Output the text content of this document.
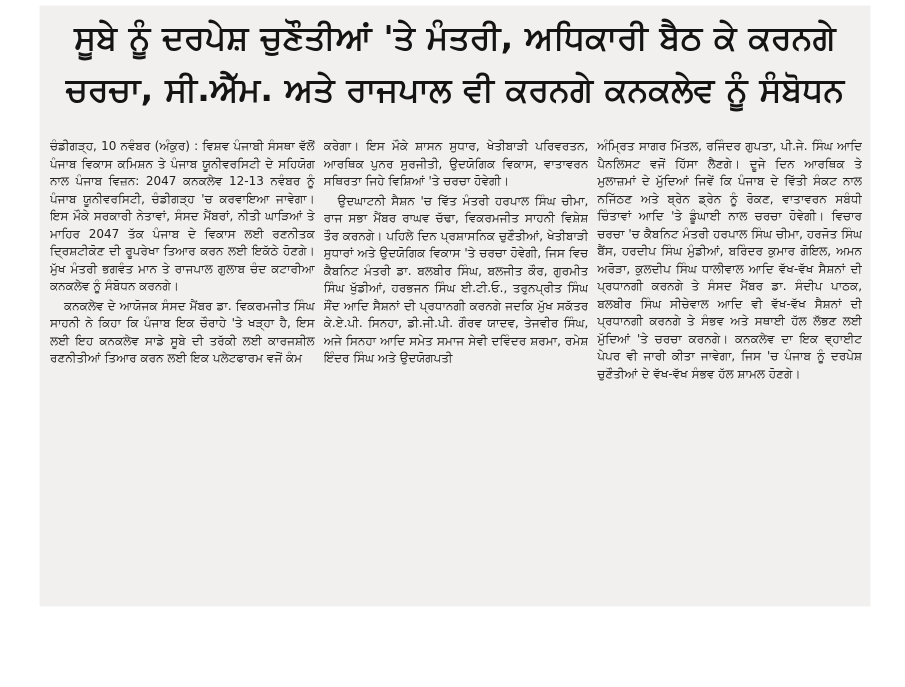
ਸੂਬੇ ਨੂੰ ਦਰਪੇਸ਼ ਚੁਣੌਤੀਆਂ 'ਤੇ ਮੰਤਰੀ, ਅਧਿਕਾਰੀ ਬੈਠ ਕੇ ਕਰਨਗੇ
ਚਰਚਾ, ਸੀ.ਐੱਮ. ਅਤੇ ਰਾਜਪਾਲ ਵੀ ਕਰਨਗੇ ਕਨਕਲੇਵ ਨੂੰ ਸੰਬੋਧਨ

ਚੰਡੀਗੜ੍ਹ, 10 ਨਵੰਬਰ (ਅੰਕੁਰ) : ਵਿਸ਼ਵ ਪੰਜਾਬੀ ਸੰਸਥਾ ਵੱਲੋਂ ਪੰਜਾਬ ਵਿਕਾਸ ਕਮਿਸ਼ਨ ਤੇ ਪੰਜਾਬ ਯੂਨੀਵਰਸਿਟੀ ਦੇ ਸਹਿਯੋਗ ਨਾਲ ਪੰਜਾਬ ਵਿਜ਼ਨ: 2047 ਕਨਕਲੇਵ 12-13 ਨਵੰਬਰ ਨੂੰ ਪੰਜਾਬ ਯੂਨੀਵਰਸਿਟੀ, ਚੰਡੀਗੜ੍ਹ 'ਚ ਕਰਵਾਇਆ ਜਾਵੇਗਾ। ਇਸ ਮੌਕੇ ਸਰਕਾਰੀ ਨੇਤਾਵਾਂ, ਸੰਸਦ ਮੈਂਬਰਾਂ, ਨੀਤੀ ਘਾੜਿਆਂ ਤੇ ਮਾਹਿਰ 2047 ਤੱਕ ਪੰਜਾਬ ਦੇ ਵਿਕਾਸ ਲਈ ਰਣਨੀਤਕ ਦ੍ਰਿਸ਼ਟੀਕੋਣ ਦੀ ਰੂਪਰੇਖਾ ਤਿਆਰ ਕਰਨ ਲਈ ਇਕੱਠੇ ਹੋਣਗੇ। ਮੁੱਖ ਮੰਤਰੀ ਭਗਵੰਤ ਮਾਨ ਤੇ ਰਾਜਪਾਲ ਗੁਲਾਬ ਚੰਦ ਕਟਾਰੀਆ ਕਨਕਲੇਵ ਨੂੰ ਸੰਬੋਧਨ ਕਰਨਗੇ।

ਕਨਕਲੇਵ ਦੇ ਆਯੋਜਕ ਸੰਸਦ ਮੈਂਬਰ ਡਾ. ਵਿਕਰਮਜੀਤ ਸਿੰਘ ਸਾਹਨੀ ਨੇ ਕਿਹਾ ਕਿ ਪੰਜਾਬ ਇਕ ਚੌਰਾਹੇ 'ਤੇ ਖੜ੍ਹਾ ਹੈ, ਇਸ ਲਈ ਇਹ ਕਨਕਲੇਵ ਸਾਡੇ ਸੂਬੇ ਦੀ ਤਰੱਕੀ ਲਈ ਕਾਰਜਸ਼ੀਲ ਰਣਨੀਤੀਆਂ ਤਿਆਰ ਕਰਨ ਲਈ ਇਕ ਪਲੇਟਫਾਰਮ ਵਜੋਂ ਕੰਮ

ਕਰੇਗਾ। ਇਸ ਮੌਕੇ ਸ਼ਾਸਨ ਸੁਧਾਰ, ਖੇਤੀਬਾੜੀ ਪਰਿਵਰਤਨ, ਆਰਥਿਕ ਪੁਨਰ ਸੁਰਜੀਤੀ, ਉਦਯੋਗਿਕ ਵਿਕਾਸ, ਵਾਤਾਵਰਨ ਸਥਿਰਤਾ ਜਿਹੇ ਵਿਸ਼ਿਆਂ 'ਤੇ ਚਰਚਾ ਹੋਵੇਗੀ।

ਉਦਘਾਟਨੀ ਸੈਸ਼ਨ 'ਚ ਵਿੱਤ ਮੰਤਰੀ ਹਰਪਾਲ ਸਿੰਘ ਚੀਮਾ, ਰਾਜ ਸਭਾ ਮੈਂਬਰ ਰਾਘਵ ਚੱਢਾ, ਵਿਕਰਮਜੀਤ ਸਾਹਨੀ ਵਿਸ਼ੇਸ਼ ਤੌਰ ਕਰਨਗੇ। ਪਹਿਲੇ ਦਿਨ ਪ੍ਰਸ਼ਾਸਨਿਕ ਚੁਣੌਤੀਆਂ, ਖੇਤੀਬਾੜੀ ਸੁਧਾਰਾਂ ਅਤੇ ਉਦਯੋਗਿਕ ਵਿਕਾਸ 'ਤੇ ਚਰਚਾ ਹੋਵੇਗੀ, ਜਿਸ ਵਿਚ ਕੈਬਨਿਟ ਮੰਤਰੀ ਡਾ. ਬਲਬੀਰ ਸਿੰਘ, ਬਲਜੀਤ ਕੌਰ, ਗੁਰਮੀਤ ਸਿੰਘ ਖੁੱਡੀਆਂ, ਹਰਭਜਨ ਸਿੰਘ ਈ.ਟੀ.ਓ., ਤਰੁਨਪ੍ਰੀਤ ਸਿੰਘ ਸੌਂਦ ਆਦਿ ਸੈਸ਼ਨਾਂ ਦੀ ਪ੍ਰਧਾਨਗੀ ਕਰਨਗੇ ਜਦਕਿ ਮੁੱਖ ਸਕੱਤਰ ਕੇ.ਏ.ਪੀ. ਸਿਨਹਾ, ਡੀ.ਜੀ.ਪੀ. ਗੌਰਵ ਯਾਦਵ, ਤੇਜਵੀਰ ਸਿੰਘ, ਅਜੇ ਸਿਨਹਾ ਆਦਿ ਸਮੇਤ ਸਮਾਜ ਸੇਵੀ ਦਵਿੰਦਰ ਸ਼ਰਮਾ, ਰਮੇਸ਼ ਇੰਦਰ ਸਿੰਘ ਅਤੇ ਉਦਯੋਗਪਤੀ

ਅੰਮ੍ਰਿਤ ਸਾਗਰ ਮਿੱਤਲ, ਰਜਿੰਦਰ ਗੁਪਤਾ, ਪੀ.ਜੇ. ਸਿੰਘ ਆਦਿ ਪੈਨਲਿਸਟ ਵਜੋਂ ਹਿੱਸਾ ਲੈਣਗੇ। ਦੂਜੇ ਦਿਨ ਆਰਥਿਕ ਤੇ ਮੁਲਾਜ਼ਮਾਂ ਦੇ ਮੁੱਦਿਆਂ ਜਿਵੇਂ ਕਿ ਪੰਜਾਬ ਦੇ ਵਿੱਤੀ ਸੰਕਟ ਨਾਲ ਨਜਿੱਠਣ ਅਤੇ ਬ੍ਰੇਨ ਡ੍ਰੇਨ ਨੂੰ ਰੋਕਣ, ਵਾਤਾਵਰਨ ਸਬੰਧੀ ਚਿੰਤਾਵਾਂ ਆਦਿ 'ਤੇ ਡੂੰਘਾਈ ਨਾਲ ਚਰਚਾ ਹੋਵੇਗੀ। ਵਿਚਾਰ ਚਰਚਾ 'ਚ ਕੈਬਨਿਟ ਮੰਤਰੀ ਹਰਪਾਲ ਸਿੰਘ ਚੀਮਾ, ਹਰਜੋਤ ਸਿੰਘ ਬੈਂਸ, ਹਰਦੀਪ ਸਿੰਘ ਮੁੰਡੀਆਂ, ਬਰਿੰਦਰ ਕੁਮਾਰ ਗੋਇਲ, ਅਮਨ ਅਰੋੜਾ, ਕੁਲਦੀਪ ਸਿੰਘ ਧਾਲੀਵਾਲ ਆਦਿ ਵੱਖ-ਵੱਖ ਸੈਸ਼ਨਾਂ ਦੀ ਪ੍ਰਧਾਨਗੀ ਕਰਨਗੇ ਤੇ ਸੰਸਦ ਮੈਂਬਰ ਡਾ. ਸੰਦੀਪ ਪਾਠਕ, ਬਲਬੀਰ ਸਿੰਘ ਸੀਚੇਵਾਲ ਆਦਿ ਵੀ ਵੱਖ-ਵੱਖ ਸੈਸ਼ਨਾਂ ਦੀ ਪ੍ਰਧਾਨਗੀ ਕਰਨਗੇ ਤੇ ਸੰਭਵ ਅਤੇ ਸਥਾਈ ਹੱਲ ਲੱਭਣ ਲਈ ਮੁੱਦਿਆਂ 'ਤੇ ਚਰਚਾ ਕਰਨਗੇ। ਕਨਕਲੇਵ ਦਾ ਇਕ ਵ੍ਹਾਈਟ ਪੇਪਰ ਵੀ ਜਾਰੀ ਕੀਤਾ ਜਾਵੇਗਾ, ਜਿਸ 'ਚ ਪੰਜਾਬ ਨੂੰ ਦਰਪੇਸ਼ ਚੁਣੌਤੀਆਂ ਦੇ ਵੱਖ-ਵੱਖ ਸੰਭਵ ਹੱਲ ਸ਼ਾਮਲ ਹੋਣਗੇ।
